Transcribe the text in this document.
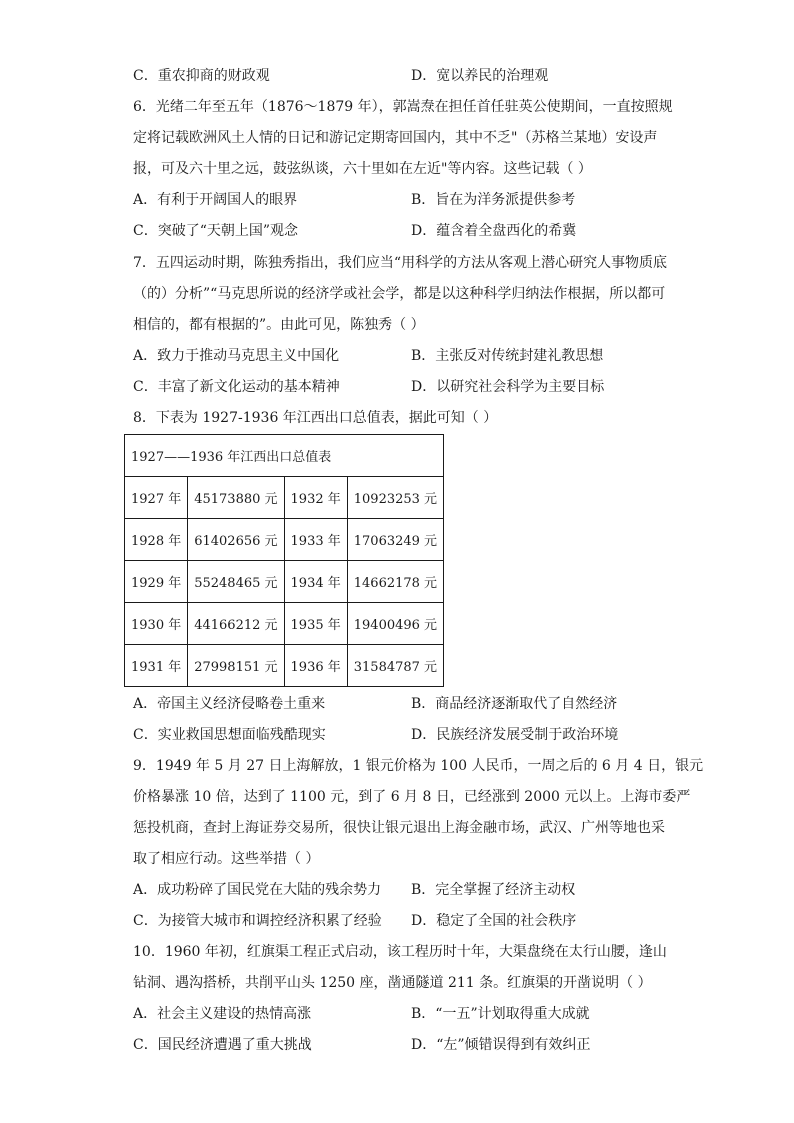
C．重农抑商的财政观	D．宽以养民的治理观
6．光绪二年至五年（1876～1879 年），郭嵩焘在担任首任驻英公使期间，一直按照规
定将记载欧洲风土人情的日记和游记定期寄回国内，其中不乏"（苏格兰某地）安设声
报，可及六十里之远，鼓弦纵谈，六十里如在左近"等内容。这些记载（ ）
A．有利于开阔国人的眼界	B．旨在为洋务派提供参考
C．突破了“天朝上国”观念	D．蕴含着全盘西化的希冀
7．五四运动时期，陈独秀指出，我们应当“用科学的方法从客观上潜心研究人事物质底
（的）分析”“马克思所说的经济学或社会学，都是以这种科学归纳法作根据，所以都可
相信的，都有根据的”。由此可见，陈独秀（ ）
A．致力于推动马克思主义中国化	B．主张反对传统封建礼教思想
C．丰富了新文化运动的基本精神	D．以研究社会科学为主要目标
8．下表为 1927-1936 年江西出口总值表，据此可知（ ）
1927——1936 年江西出口总值表			
1927 年	45173880 元	1932 年	10923253 元
1928 年	61402656 元	1933 年	17063249 元
1929 年	55248465 元	1934 年	14662178 元
1930 年	44166212 元	1935 年	19400496 元
1931 年	27998151 元	1936 年	31584787 元
A．帝国主义经济侵略卷土重来	B．商品经济逐渐取代了自然经济
C．实业救国思想面临残酷现实	D．民族经济发展受制于政治环境
9．1949 年 5 月 27 日上海解放，1 银元价格为 100 人民币，一周之后的 6 月 4 日，银元
价格暴涨 10 倍，达到了 1100 元，到了 6 月 8 日，已经涨到 2000 元以上。上海市委严
惩投机商，查封上海证券交易所，很快让银元退出上海金融市场，武汉、广州等地也采
取了相应行动。这些举措（ ）
A．成功粉碎了国民党在大陆的残余势力 B．完全掌握了经济主动权
C．为接管大城市和调控经济积累了经验 D．稳定了全国的社会秩序
10．1960 年初，红旗渠工程正式启动，该工程历时十年，大渠盘绕在太行山腰，逢山
钻洞、遇沟搭桥，共削平山头 1250 座，凿通隧道 211 条。红旗渠的开凿说明（ ）
A．社会主义建设的热情高涨	B．“一五”计划取得重大成就
C．国民经济遭遇了重大挑战	D．“左”倾错误得到有效纠正
